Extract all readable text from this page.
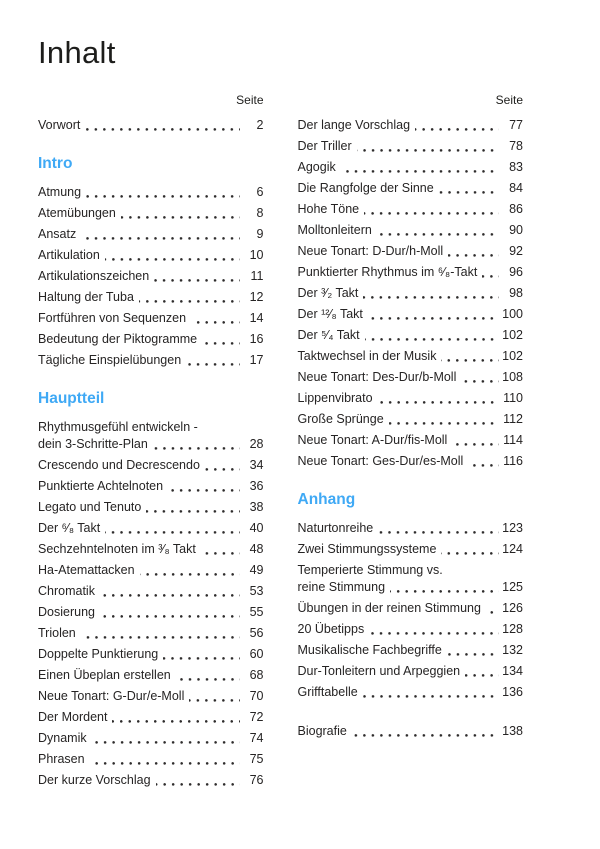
Inhalt
Seite
Vorwort	2
Intro
Atmung	6
Atemübungen	8
Ansatz	9
Artikulation	10
Artikulationszeichen	11
Haltung der Tuba	12
Fortführen von Sequenzen	14
Bedeutung der Piktogramme	16
Tägliche Einspielübungen	17
Hauptteil
Rhythmusgefühl entwickeln -
dein 3-Schritte-Plan	28
Crescendo und Decrescendo	34
Punktierte Achtelnoten	36
Legato und Tenuto	38
Der ⁶⁄₈ Takt	40
Sechzehntelnoten im ³⁄₈ Takt	48
Ha-Atemattacken	49
Chromatik	53
Dosierung	55
Triolen	56
Doppelte Punktierung	60
Einen Übeplan erstellen	68
Neue Tonart: G-Dur/e-Moll	70
Der Mordent	72
Dynamik	74
Phrasen	75
Der kurze Vorschlag	76
Seite
Der lange Vorschlag	77
Der Triller	78
Agogik	83
Die Rangfolge der Sinne	84
Hohe Töne	86
Molltonleitern	90
Neue Tonart: D-Dur/h-Moll	92
Punktierter Rhythmus im ⁶⁄₈-Takt	96
Der ³⁄₂ Takt	98
Der ¹²⁄₈ Takt	100
Der ⁵⁄₄ Takt	102
Taktwechsel in der Musik	102
Neue Tonart: Des-Dur/b-Moll	108
Lippenvibrato	110
Große Sprünge	112
Neue Tonart: A-Dur/fis-Moll	114
Neue Tonart: Ges-Dur/es-Moll	116
Anhang
Naturtonreihe	123
Zwei Stimmungssysteme	124
Temperierte Stimmung vs.
reine Stimmung	125
Übungen in der reinen Stimmung 126
20 Übetipps	128
Musikalische Fachbegriffe	132
Dur-Tonleitern und Arpeggien	134
Grifftabelle	136
Biografie	138
